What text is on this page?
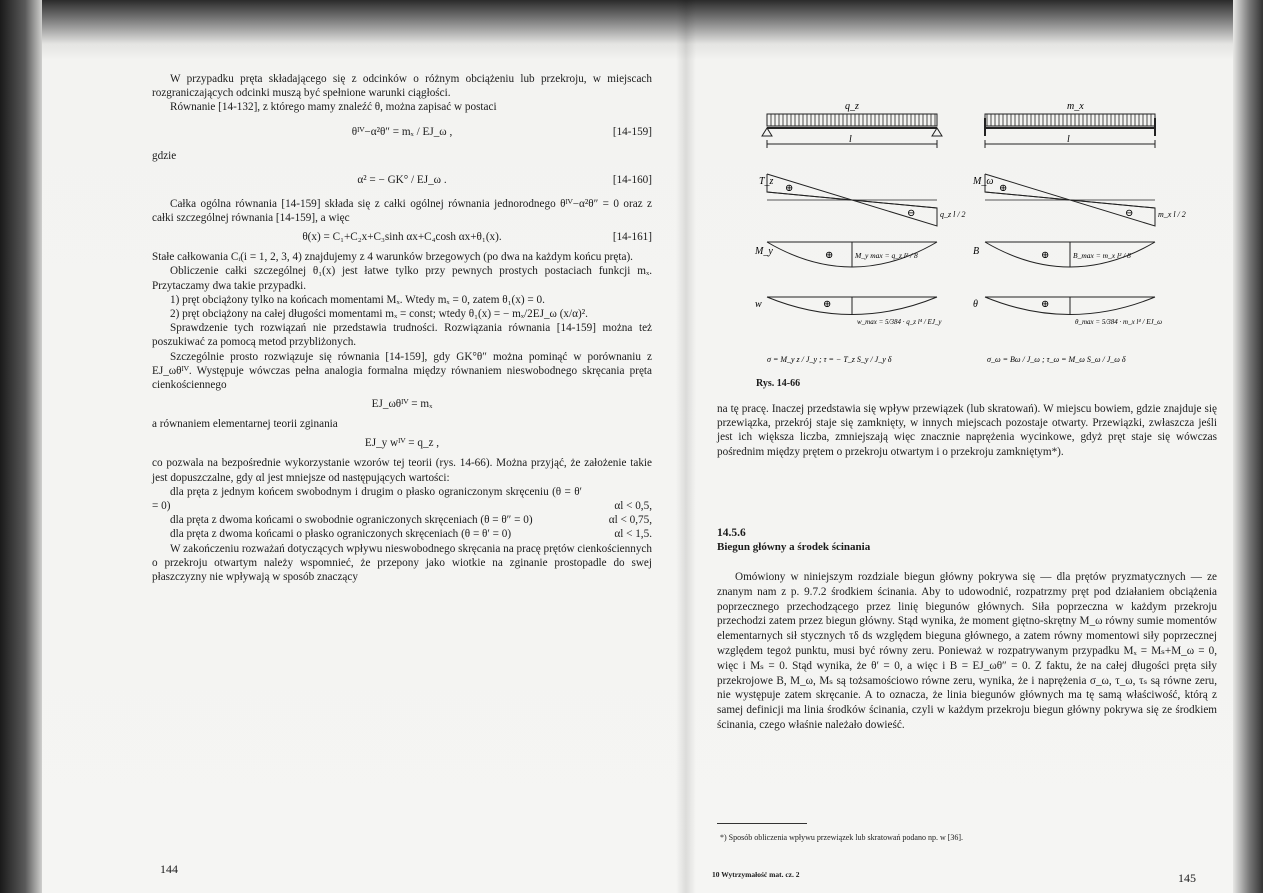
W przypadku pręta składającego się z odcinków o różnym obciążeniu lub przekroju, w miejscach rozgraniczających odcinki muszą być spełnione warunki ciągłości.

Równanie [14-132], z którego mamy znaleźć θ, można zapisać w postaci

θᴵⱽ−α²θ″ = mₓ / EJ_ω ,	[14-159]

gdzie

α² = − GK° / EJ_ω .	[14-160]

Całka ogólna równania [14-159] składa się z całki ogólnej równania jednorodnego θᴵⱽ−α²θ″ = 0 oraz z całki szczególnej równania [14-159], a więc

θ(x) = C₁+C₂x+C₃sinh αx+C₄cosh αx+θ₁(x).	[14-161]

Stałe całkowania Cᵢ(i = 1, 2, 3, 4) znajdujemy z 4 warunków brzegowych (po dwa na każdym końcu pręta).

Obliczenie całki szczególnej θ₁(x) jest łatwe tylko przy pewnych prostych postaciach funkcji mₓ. Przytaczamy dwa takie przypadki.

1) pręt obciążony tylko na końcach momentami Mₓ. Wtedy mₓ = 0, zatem θ₁(x) = 0.

2) pręt obciążony na całej długości momentami mₓ = const; wtedy θ₁(x) = − mₓ/2EJ_ω (x/α)².

Sprawdzenie tych rozwiązań nie przedstawia trudności. Rozwiązania równania [14-159] można też poszukiwać za pomocą metod przybliżonych.

Szczególnie prosto rozwiązuje się równania [14-159], gdy GK°θ″ można pominąć w porównaniu z EJ_ωθᴵⱽ. Występuje wówczas pełna analogia formalna między równaniem nieswobodnego skręcania pręta cienkościennego

EJ_ωθᴵⱽ = mₓ

a równaniem elementarnej teorii zginania

EJ_y wᴵⱽ = q_z ,

co pozwala na bezpośrednie wykorzystanie wzorów tej teorii (rys. 14-66). Można przyjąć, że założenie takie jest dopuszczalne, gdy αl jest mniejsze od następujących wartości:

dla pręta z jednym końcem swobodnym i drugim o płasko ograniczonym skręceniu (θ = θ′ = 0)	αl < 0,5,

dla pręta z dwoma końcami o swobodnie ograniczonych skręceniach (θ = θ″ = 0)	αl < 0,75,

dla pręta z dwoma końcami o płasko ograniczonych skręceniach (θ = θ′ = 0)	αl < 1,5.

W zakończeniu rozważań dotyczących wpływu nieswobodnego skręcania na pracę prętów cienkościennych o przekroju otwartym należy wspomnieć, że przepony jako wiotkie na zginanie prostopadle do swej płaszczyzny nie wpływają w sposób znaczący

144
q_z
l
T_z
⊕
⊖	q_z l / 2
M_y	⊕	M_y max = q_z l² / 8
w	⊕
w_max = 5/384 · q_z l⁴ / EJ_y
σ = M_y z / J_y ; τ = − T_z S_y / J_y δ
m_x
l
M_ω
⊕
⊖	m_x l / 2
B	⊕	B_max = m_x l² / 8
θ	⊕
θ_max = 5/384 · m_x l⁴ / EJ_ω
σ_ω = Bω / J_ω ; τ_ω = M_ω S_ω / J_ω δ
Rys. 14-66
na tę pracę. Inaczej przedstawia się wpływ przewiązek (lub skratowań). W miejscu bowiem, gdzie znajduje się przewiązka, przekrój staje się zamknięty, w innych miejscach pozostaje otwarty. Przewiązki, zwłaszcza jeśli jest ich większa liczba, zmniejszają więc znacznie naprężenia wycinkowe, gdyż pręt staje się wówczas pośrednim między prętem o przekroju otwartym i o przekroju zamkniętym*).
14.5.6
Biegun główny a środek ścinania
Omówiony w niniejszym rozdziale biegun główny pokrywa się — dla prętów pryzmatycznych — ze znanym nam z p. 9.7.2 środkiem ścinania. Aby to udowodnić, rozpatrzmy pręt pod działaniem obciążenia poprzecznego przechodzącego przez linię biegunów głównych. Siła poprzeczna w każdym przekroju przechodzi zatem przez biegun główny. Stąd wynika, że moment giętno-skrętny M_ω równy sumie momentów elementarnych sił stycznych τδ ds względem bieguna głównego, a zatem równy momentowi siły poprzecznej względem tegoż punktu, musi być równy zeru. Ponieważ w rozpatrywanym przypadku Mₓ = Mₛ+M_ω = 0, więc i Mₛ = 0. Stąd wynika, że θ′ = 0, a więc i B = EJ_ωθ″ = 0. Z faktu, że na całej długości pręta siły przekrojowe B, M_ω, Mₛ są tożsamościowo równe zeru, wynika, że i naprężenia σ_ω, τ_ω, τₛ są równe zeru, nie występuje zatem skręcanie. A to oznacza, że linia biegunów głównych ma tę samą właściwość, którą z samej definicji ma linia środków ścinania, czyli w każdym przekroju biegun główny pokrywa się ze środkiem ścinania, czego właśnie należało dowieść.
*) Sposób obliczenia wpływu przewiązek lub skratowań podano np. w [36].
10 Wytrzymałość mat. cz. 2	145
